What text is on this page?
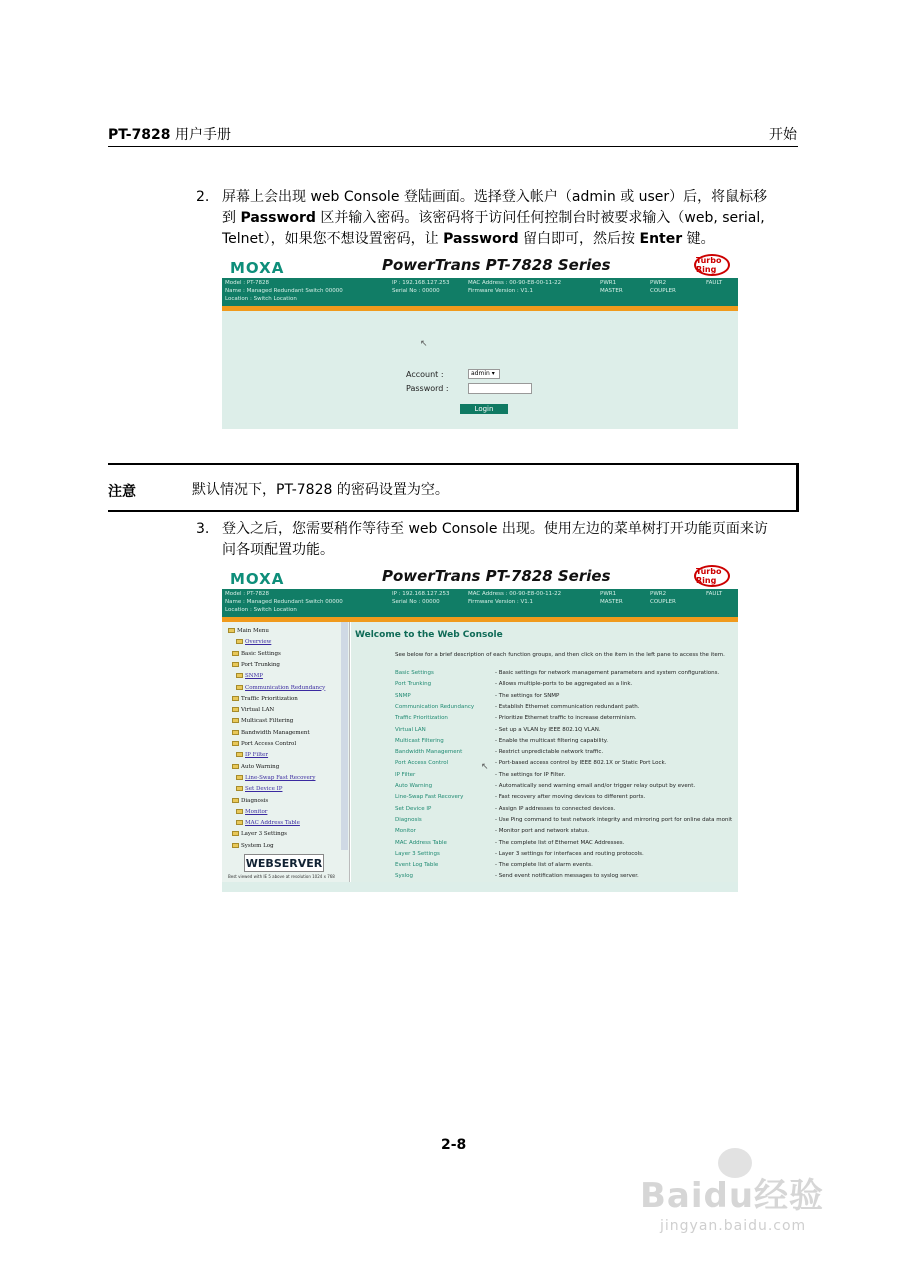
PT-7828 用户手册	开始
2. 屏幕上会出现 web Console 登陆画面。选择登入帐户（admin 或 user）后，将鼠标移
到 Password 区并输入密码。该密码将于访问任何控制台时被要求输入（web, serial,
Telnet），如果您不想设置密码，让 Password 留白即可，然后按 Enter 键。
MOXA	PowerTrans PT-7828 Series	Turbo Ring
Model : PT-7828
Name : Managed Redundant Switch 00000
Location : Switch Location
IP : 192.168.127.253
Serial No : 00000
MAC Address : 00-90-E8-00-11-22
Firmware Version : V1.1
PWR1
MASTER
PWR2
COUPLER
FAULT
↖
Account :	admin ▾
Password :
Login
注意	默认情况下，PT-7828 的密码设置为空。
3. 登入之后，您需要稍作等待至 web Console 出现。使用左边的菜单树打开功能页面来访
问各项配置功能。
MOXA	PowerTrans PT-7828 Series	Turbo Ring
Model : PT-7828
Name : Managed Redundant Switch 00000
Location : Switch Location
IP : 192.168.127.253
Serial No : 00000
MAC Address : 00-90-E8-00-11-22
Firmware Version : V1.1
PWR1
MASTER
PWR2
COUPLER
FAULT
WEBSERVER
Best viewed with IE 5 above at resolution 1024 x 768
Main Menu
Overview
Basic Settings
Port Trunking
SNMP
Communication Redundancy
Traffic Prioritization
Virtual LAN
Multicast Filtering
Bandwidth Management
Port Access Control
IP Filter
Auto Warning
Line-Swap Fast Recovery
Set Device IP
Diagnosis
Monitor
MAC Address Table
Layer 3 Settings
System Log
Welcome to the Web Console
See below for a brief description of each function groups, and then click on the item in the left pane to access the item.
↖
Basic Settings	- Basic settings for network management parameters and system configurations.
Port Trunking	- Allows multiple-ports to be aggregated as a link.
SNMP	- The settings for SNMP
Communication Redundancy	- Establish Ethernet communication redundant path.
Traffic Prioritization	- Prioritize Ethernet traffic to increase determinism.
Virtual LAN	- Set up a VLAN by IEEE 802.1Q VLAN.
Multicast Filtering	- Enable the multicast filtering capability.
Bandwidth Management	- Restrict unpredictable network traffic.
Port Access Control	- Port-based access control by IEEE 802.1X or Static Port Lock.
IP Filter	- The settings for IP Filter.
Auto Warning	- Automatically send warning email and/or trigger relay output by event.
Line-Swap Fast Recovery	- Fast recovery after moving devices to different ports.
Set Device IP	- Assign IP addresses to connected devices.
Diagnosis	- Use Ping command to test network integrity and mirroring port for online data monit
Monitor	- Monitor port and network status.
MAC Address Table	- The complete list of Ethernet MAC Addresses.
Layer 3 Settings	- Layer 3 settings for interfaces and routing protocols.
Event Log Table	- The complete list of alarm events.
Syslog	- Send event notification messages to syslog server.
2-8
Baidu经验
jingyan.baidu.com
